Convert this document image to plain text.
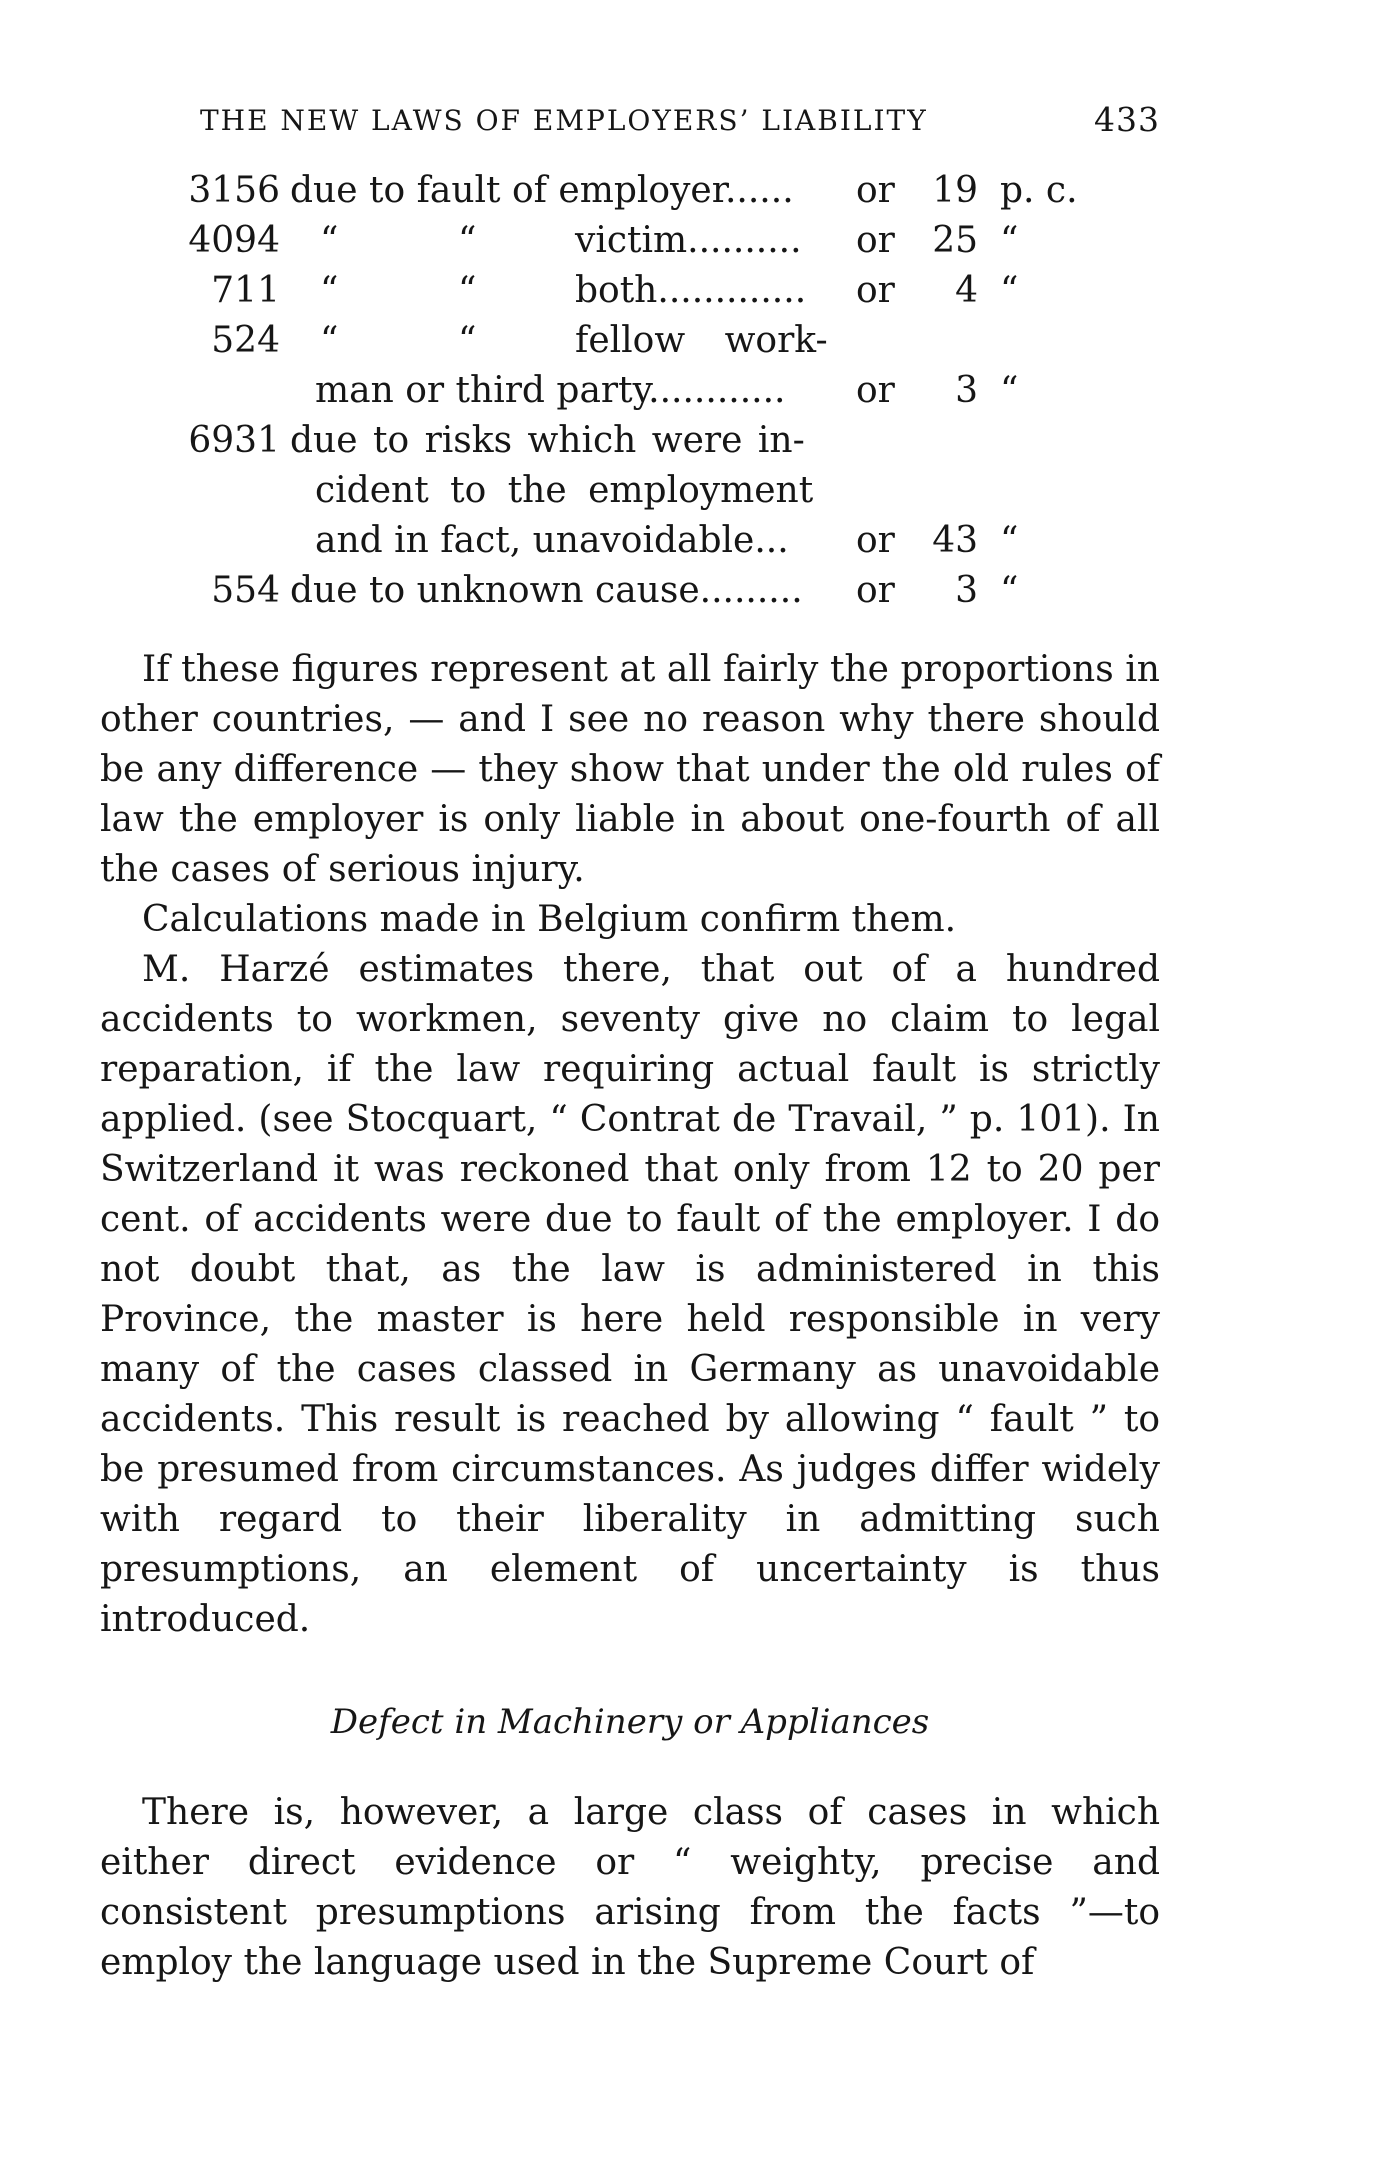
THE NEW LAWS OF EMPLOYERS’ LIABILITY	433
3156 due to fault of employer...... or	19 p. c.
4094 “	“	victim.......... or	25 “
711 “	“	both............. or	4 “
524 “	“	fellow work-
man or third party............ or	3 “
6931 due to risks which were in-
cident to the employment
and in fact, unavoidable... or	43 “
554 due to unknown cause......... or	3 “

If these figures represent at all fairly the proportions in other countries, — and I see no reason why there should be any difference — they show that under the old rules of law the employer is only liable in about one-fourth of all the cases of serious injury.

Calculations made in Belgium confirm them.

M. Harzé estimates there, that out of a hundred accidents to workmen, seventy give no claim to legal reparation, if the law requiring actual fault is strictly applied. (see Stocquart, “ Contrat de Travail, ” p. 101). In Switzerland it was reckoned that only from 12 to 20 per cent. of accidents were due to fault of the employer. I do not doubt that, as the law is administered in this Province, the master is here held responsible in very many of the cases classed in Germany as unavoidable accidents. This result is reached by allowing “ fault ” to be presumed from circumstances. As judges differ widely with regard to their liberality in admitting such presumptions, an element of uncertainty is thus introduced.

Defect in Machinery or Appliances

There is, however, a large class of cases in which either direct evidence or “ weighty, precise and consistent presumptions arising from the facts ”—to employ the language used in the Supreme Court of
